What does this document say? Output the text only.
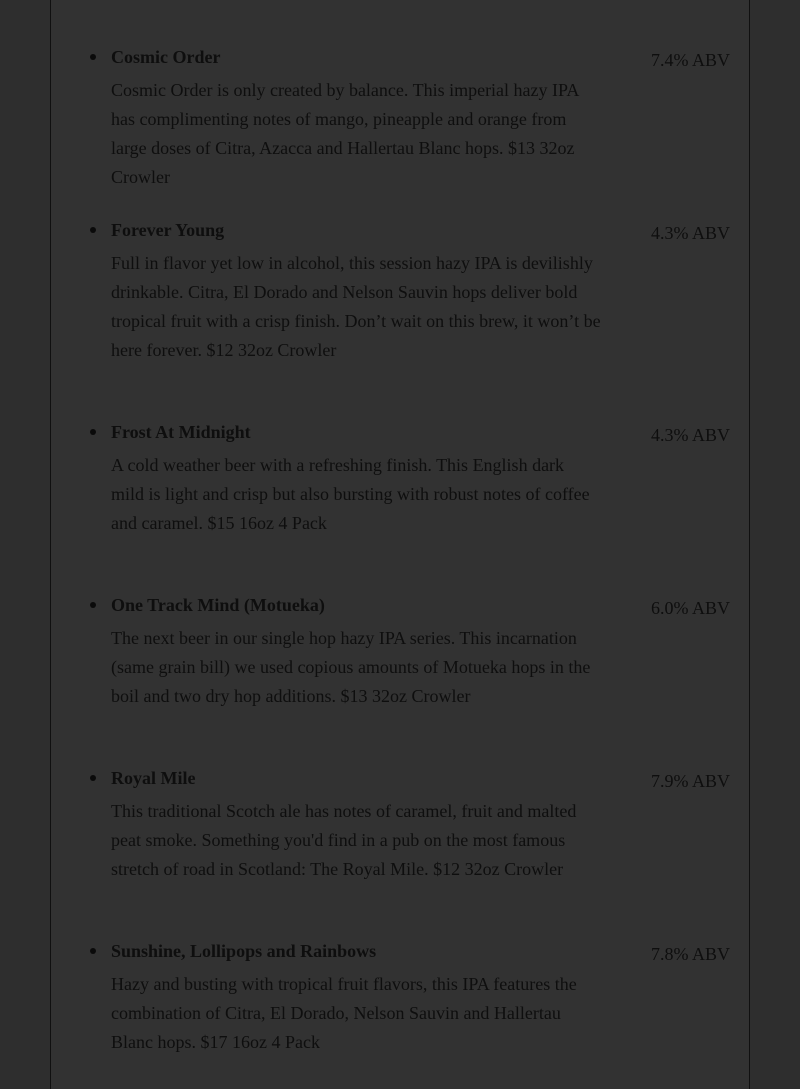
Cosmic Order	7.4% ABV

Cosmic Order is only created by balance. This imperial hazy IPA has complimenting notes of mango, pineapple and orange from large doses of Citra, Azacca and Hallertau Blanc hops. $13 32oz Crowler

Forever Young	4.3% ABV

Full in flavor yet low in alcohol, this session hazy IPA is devilishly drinkable. Citra, El Dorado and Nelson Sauvin hops deliver bold tropical fruit with a crisp finish. Don’t wait on this brew, it won’t be here forever. $12 32oz Crowler

Frost At Midnight	4.3% ABV

A cold weather beer with a refreshing finish. This English dark mild is light and crisp but also bursting with robust notes of coffee and caramel. $15 16oz 4 Pack

One Track Mind (Motueka)	6.0% ABV

The next beer in our single hop hazy IPA series. This incarnation (same grain bill) we used copious amounts of Motueka hops in the boil and two dry hop additions. $13 32oz Crowler

Royal Mile	7.9% ABV

This traditional Scotch ale has notes of caramel, fruit and malted peat smoke. Something you'd find in a pub on the most famous stretch of road in Scotland: The Royal Mile. $12 32oz Crowler

Sunshine, Lollipops and Rainbows	7.8% ABV

Hazy and busting with tropical fruit flavors, this IPA features the combination of Citra, El Dorado, Nelson Sauvin and Hallertau Blanc hops. $17 16oz 4 Pack
